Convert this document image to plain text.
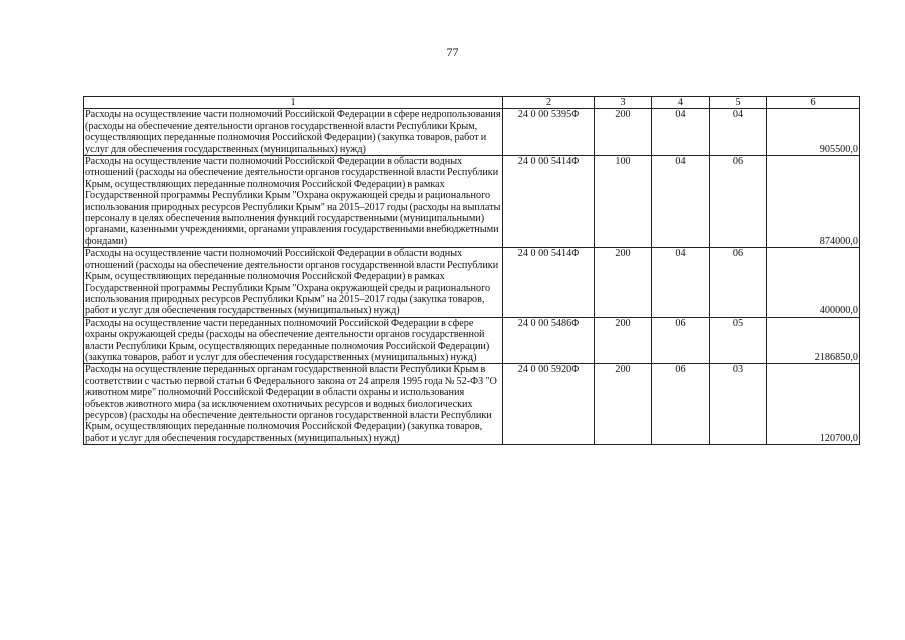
77
1	2	3	4	5	6
Расходы на осуществление части полномочий Российской Федерации в сфере недропользования (расходы на обеспечение деятельности органов государственной власти Республики Крым, осуществляющих переданные полномочия Российской Федерации) (закупка товаров, работ и услуг для обеспечения государственных (муниципальных) нужд)	24 0 00 5395Ф	200	04	04	905500,0
Расходы на осуществление части полномочий Российской Федерации в области водных отношений (расходы на обеспечение деятельности органов государственной власти Республики Крым, осуществляющих переданные полномочия Российской Федерации) в рамках Государственной программы Республики Крым "Охрана окружающей среды и рационального использования природных ресурсов Республики Крым" на 2015–2017 годы (расходы на выплаты персоналу в целях обеспечения выполнения функций государственными (муниципальными) органами, казенными учреждениями, органами управления государственными внебюджетными фондами)	24 0 00 5414Ф	100	04	06	874000,0
Расходы на осуществление части полномочий Российской Федерации в области водных отношений (расходы на обеспечение деятельности органов государственной власти Республики Крым, осуществляющих переданные полномочия Российской Федерации) в рамках Государственной программы Республики Крым "Охрана окружающей среды и рационального использования природных ресурсов Республики Крым" на 2015–2017 годы (закупка товаров, работ и услуг для обеспечения государственных (муниципальных) нужд)	24 0 00 5414Ф	200	04	06	400000,0
Расходы на осуществление части переданных полномочий Российской Федерации в сфере охраны окружающей среды (расходы на обеспечение деятельности органов государственной власти Республики Крым, осуществляющих переданные полномочия Российской Федерации) (закупка товаров, работ и услуг для обеспечения государственных (муниципальных) нужд)	24 0 00 5486Ф	200	06	05	2186850,0
Расходы на осуществление переданных органам государственной власти Республики Крым в соответствии с частью первой статьи 6 Федерального закона от 24 апреля 1995 года № 52-ФЗ "О животном мире" полномочий Российской Федерации в области охраны и использования объектов животного мира (за исключением охотничьих ресурсов и водных биологических ресурсов) (расходы на обеспечение деятельности органов государственной власти Республики Крым, осуществляющих переданные полномочия Российской Федерации) (закупка товаров, работ и услуг для обеспечения государственных (муниципальных) нужд)	24 0 00 5920Ф	200	06	03	120700,0
